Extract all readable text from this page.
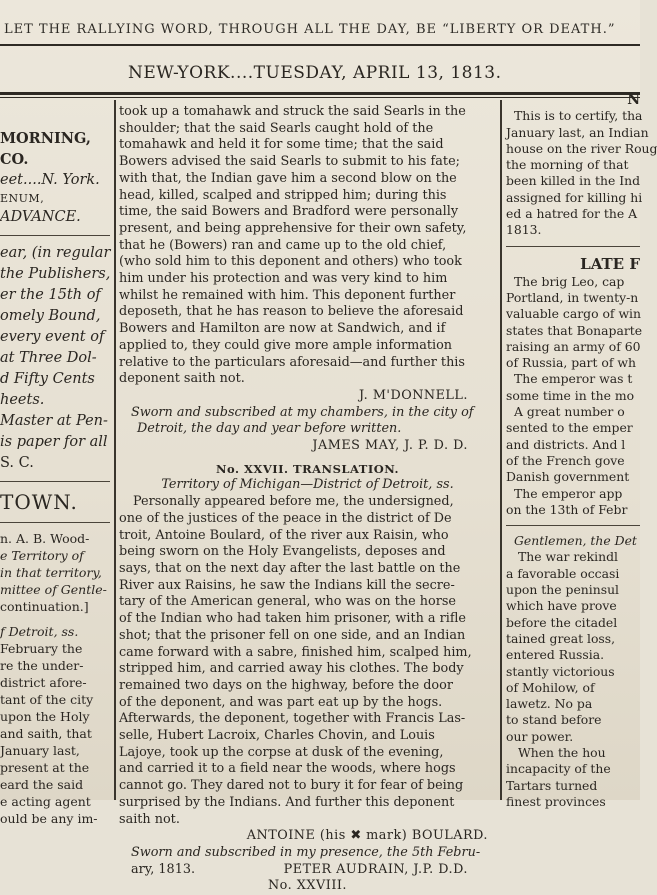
LET THE RALLYING WORD, THROUGH ALL THE DAY, BE “LIBERTY OR DEATH.”
NEW-YORK....TUESDAY, APRIL 13, 1813.
MORNING,
CO.
eet....N. York.
ENUM,
ADVANCE.
ear, (in regular
the Publishers,
er the 15th of
omely Bound,
every event of
at Three Dol-
d Fifty Cents
heets.
Master at Pen-
is paper for all
S. C.
TOWN.
n. A. B. Wood-
e Territory of
in that territory,
mittee of Gentle-
continuation.]
f Detroit, ss.
February the
re the under-
district afore-
tant of the city
upon the Holy
and saith, that
January last,
present at the
eard the said
e acting agent
ould be any im-
took up a tomahawk and struck the said Searls in the
shoulder; that the said Searls caught hold of the
tomahawk and held it for some time; that the said
Bowers advised the said Searls to submit to his fate;
with that, the Indian gave him a second blow on the
head, killed, scalped and stripped him; during this
time, the said Bowers and Bradford were personally
present, and being apprehensive for their own safety,
that he (Bowers) ran and came up to the old chief,
(who sold him to this deponent and others) who took
him under his protection and was very kind to him
whilst he remained with him. This deponent further
deposeth, that he has reason to believe the aforesaid
Bowers and Hamilton are now at Sandwich, and if
applied to, they could give more ample information
relative to the particulars aforesaid—and further this
deponent saith not.
J. M'DONNELL.
Sworn and subscribed at my chambers, in the city of
Detroit, the day and year before written.
JAMES MAY, J. P. D. D.
No. XXVII. TRANSLATION.
Territory of Michigan—District of Detroit, ss.
Personally appeared before me, the undersigned,
one of the justices of the peace in the district of De
troit, Antoine Boulard, of the river aux Raisin, who
being sworn on the Holy Evangelists, deposes and
says, that on the next day after the last battle on the
River aux Raisins, he saw the Indians kill the secre-
tary of the American general, who was on the horse
of the Indian who had taken him prisoner, with a rifle
shot; that the prisoner fell on one side, and an Indian
came forward with a sabre, finished him, scalped him,
stripped him, and carried away his clothes. The body
remained two days on the highway, before the door
of the deponent, and was part eat up by the hogs.
Afterwards, the deponent, together with Francis Las-
selle, Hubert Lacroix, Charles Chovin, and Louis
Lajoye, took up the corpse at dusk of the evening,
and carried it to a field near the woods, where hogs
cannot go. They dared not to bury it for fear of being
surprised by the Indians. And further this deponent
saith not.
ANTOINE (his ✖ mark) BOULARD.
Sworn and subscribed in my presence, the 5th Febru-
ary, 1813.	PETER AUDRAIN, J.P. D.D.
No. XXVIII.
N
This is to certify, tha
January last, an Indian
house on the river Roug
the morning of that
been killed in the Ind
assigned for killing hi
ed a hatred for the A
1813.
LATE F
The brig Leo, cap
Portland, in twenty-n
valuable cargo of win
states that Bonaparte
raising an army of 60
of Russia, part of wh
The emperor was t
some time in the mo
A great number o
sented to the emper
and districts. And l
of the French gove
Danish government
The emperor app
on the 13th of Febr
Gentlemen, the Det
The war rekindl
a favorable occasi
upon the peninsul
which have prove
before the citadel
tained great loss,
entered Russia.
stantly victorious
of Mohilow, of
lawetz. No pa
to stand before
our power.
When the hou
incapacity of the
Tartars turned
finest provinces
